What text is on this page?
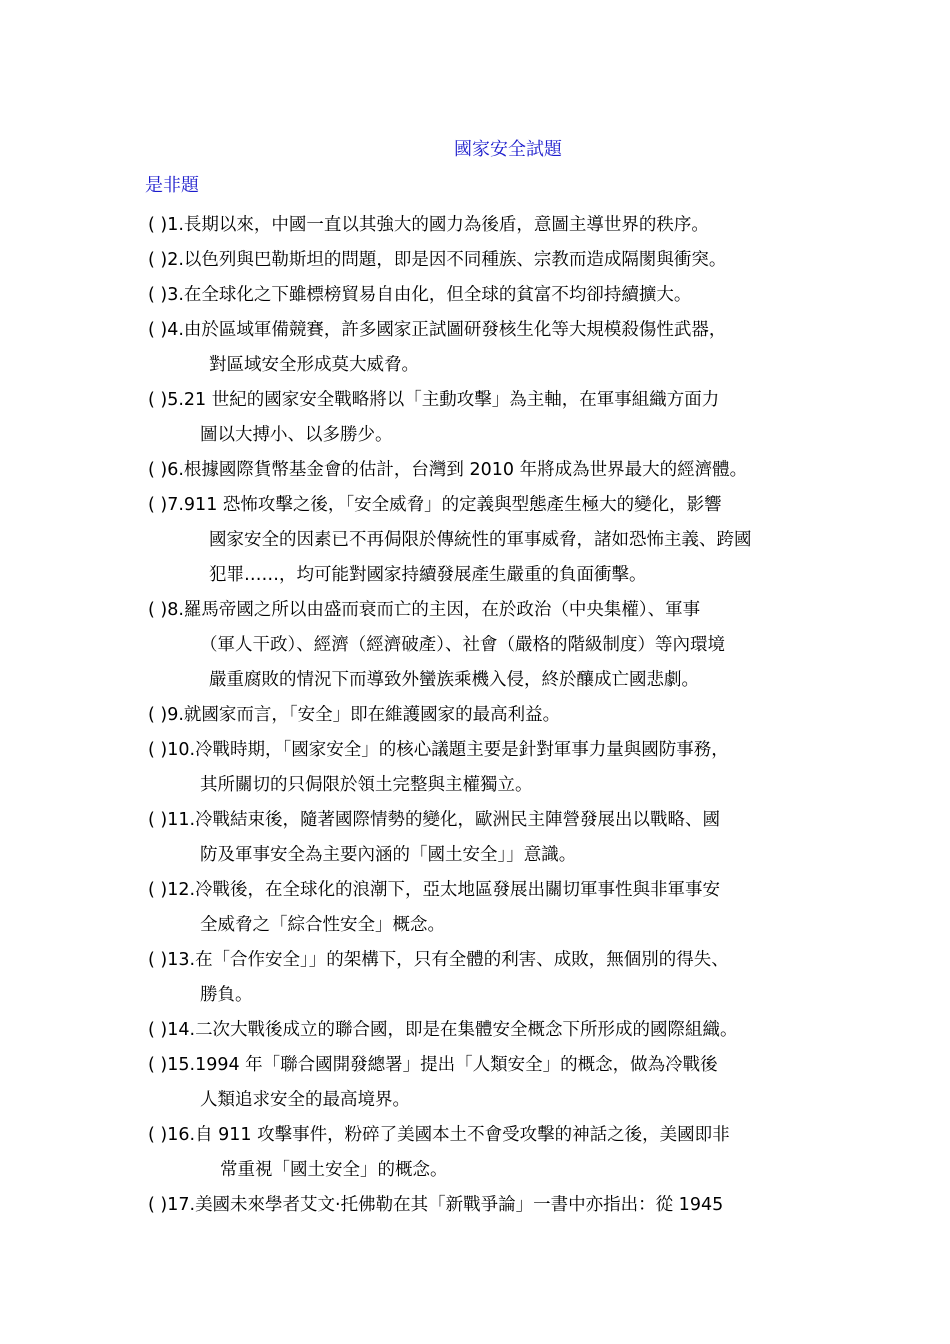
國家安全試題
是非題
( )1.長期以來，中國一直以其強大的國力為後盾，意圖主導世界的秩序。
( )2.以色列與巴勒斯坦的問題，即是因不同種族、宗教而造成隔閡與衝突。
( )3.在全球化之下雖標榜貿易自由化，但全球的貧富不均卻持續擴大。
( )4.由於區域軍備競賽，許多國家正試圖研發核生化等大規模殺傷性武器，
對區域安全形成莫大威脅。
( )5.21 世紀的國家安全戰略將以「主動攻擊」為主軸，在軍事組織方面力
圖以大搏小、以多勝少。
( )6.根據國際貨幣基金會的估計，台灣到 2010 年將成為世界最大的經濟體。
( )7.911 恐怖攻擊之後，「安全威脅」的定義與型態產生極大的變化，影響
國家安全的因素已不再侷限於傳統性的軍事威脅，諸如恐怖主義、跨國
犯罪……，均可能對國家持續發展產生嚴重的負面衝擊。
( )8.羅馬帝國之所以由盛而衰而亡的主因，在於政治（中央集權）、軍事
（軍人干政）、經濟（經濟破產）、社會（嚴格的階級制度）等內環境
嚴重腐敗的情況下而導致外蠻族乘機入侵，終於釀成亡國悲劇。
( )9.就國家而言，「安全」即在維護國家的最高利益。
( )10.冷戰時期，「國家安全」的核心議題主要是針對軍事力量與國防事務，
其所關切的只侷限於領土完整與主權獨立。
( )11.冷戰結束後，隨著國際情勢的變化，歐洲民主陣營發展出以戰略、國
防及軍事安全為主要內涵的「國土安全」」意識。
( )12.冷戰後，在全球化的浪潮下，亞太地區發展出關切軍事性與非軍事安
全威脅之「綜合性安全」概念。
( )13.在「合作安全」」的架構下，只有全體的利害、成敗，無個別的得失、
勝負。
( )14.二次大戰後成立的聯合國，即是在集體安全概念下所形成的國際組織。
( )15.1994 年「聯合國開發總署」提出「人類安全」的概念，做為冷戰後
人類追求安全的最高境界。
( )16.自 911 攻擊事件，粉碎了美國本土不會受攻擊的神話之後，美國即非
常重視「國土安全」的概念。
( )17.美國未來學者艾文·托佛勒在其「新戰爭論」一書中亦指出：從 1945
